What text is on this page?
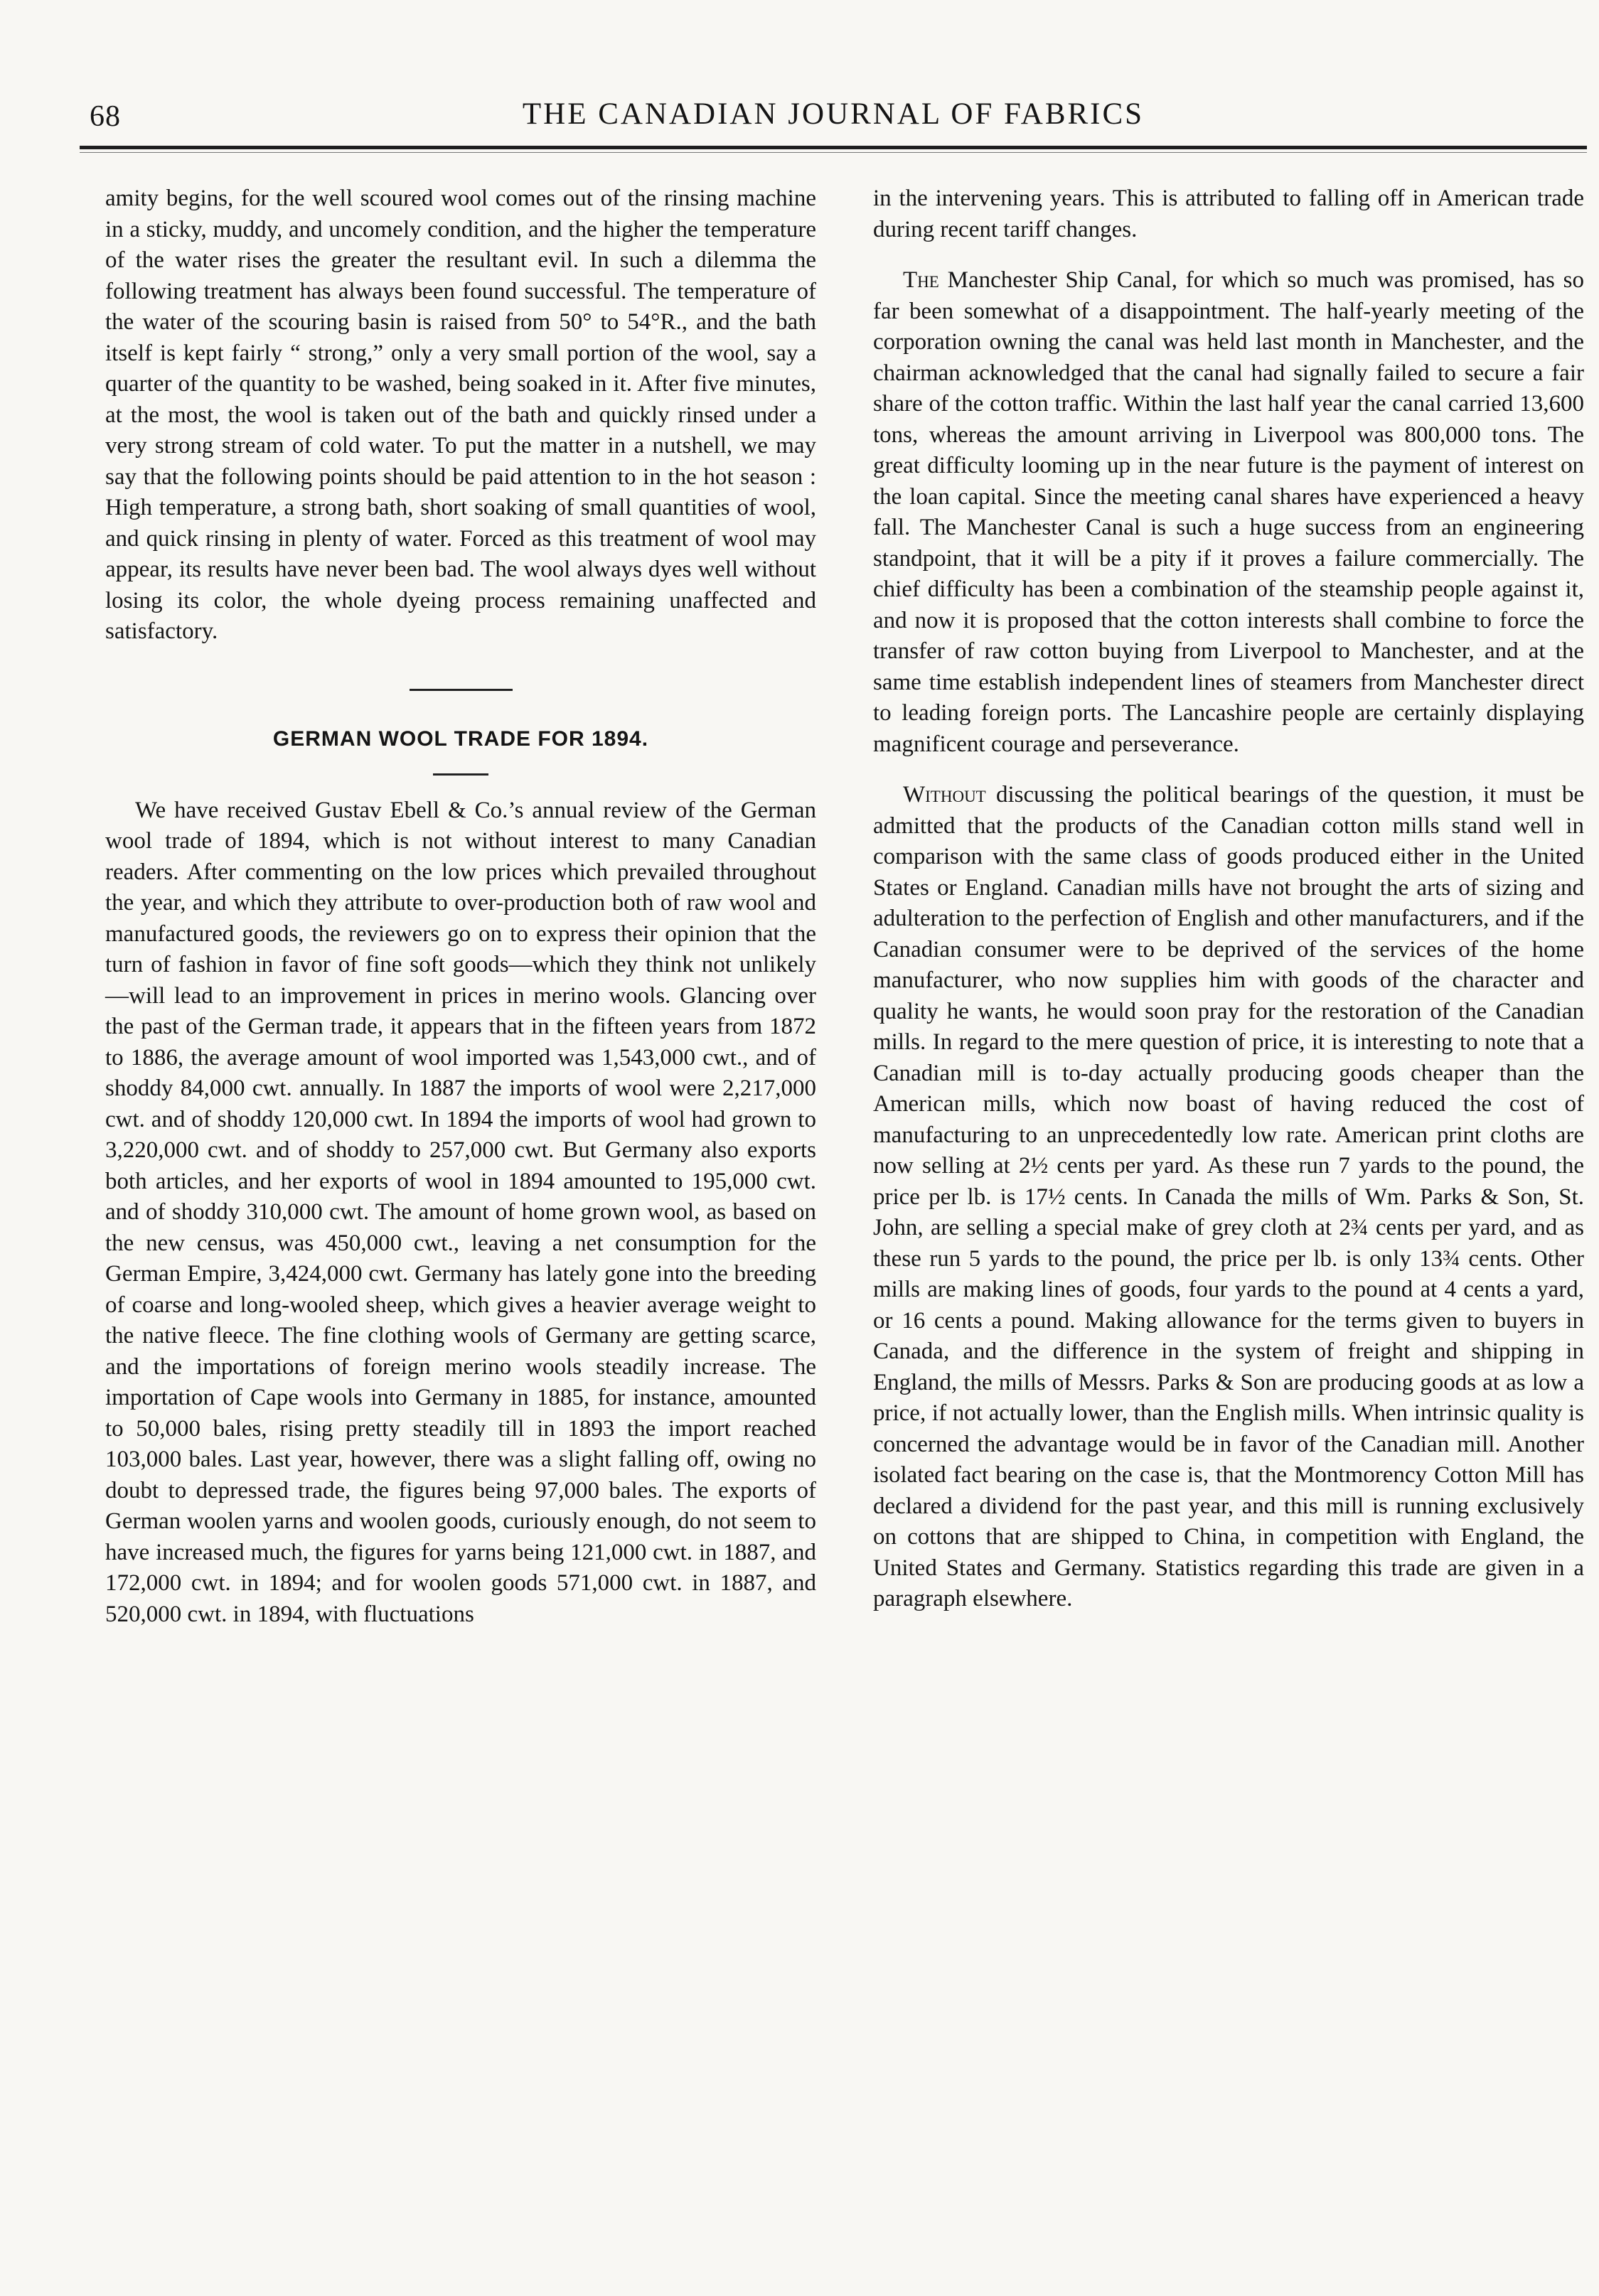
68	THE CANADIAN JOURNAL OF FABRICS

amity begins, for the well scoured wool comes out of the rinsing machine in a sticky, muddy, and uncomely condition, and the higher the temperature of the water rises the greater the resultant evil. In such a dilemma the following treatment has always been found successful. The temperature of the water of the scouring basin is raised from 50° to 54°R., and the bath itself is kept fairly “ strong,” only a very small portion of the wool, say a quarter of the quantity to be washed, being soaked in it. After five minutes, at the most, the wool is taken out of the bath and quickly rinsed under a very strong stream of cold water. To put the matter in a nutshell, we may say that the following points should be paid attention to in the hot season : High temperature, a strong bath, short soaking of small quantities of wool, and quick rinsing in plenty of water. Forced as this treatment of wool may appear, its results have never been bad. The wool always dyes well without losing its color, the whole dyeing process remaining unaffected and satisfactory.

GERMAN WOOL TRADE FOR 1894.

We have received Gustav Ebell & Co.’s annual review of the German wool trade of 1894, which is not without interest to many Canadian readers. After commenting on the low prices which prevailed throughout the year, and which they attribute to over-production both of raw wool and manufactured goods, the reviewers go on to express their opinion that the turn of fashion in favor of fine soft goods—which they think not unlikely—will lead to an improvement in prices in merino wools. Glancing over the past of the German trade, it appears that in the fifteen years from 1872 to 1886, the average amount of wool imported was 1,543,000 cwt., and of shoddy 84,000 cwt. annually. In 1887 the imports of wool were 2,217,000 cwt. and of shoddy 120,000 cwt. In 1894 the imports of wool had grown to 3,220,000 cwt. and of shoddy to 257,000 cwt. But Germany also exports both articles, and her exports of wool in 1894 amounted to 195,000 cwt. and of shoddy 310,000 cwt. The amount of home grown wool, as based on the new census, was 450,000 cwt., leaving a net consumption for the German Empire, 3,424,000 cwt. Germany has lately gone into the breeding of coarse and long-wooled sheep, which gives a heavier average weight to the native fleece. The fine clothing wools of Germany are getting scarce, and the importations of foreign merino wools steadily increase. The importation of Cape wools into Germany in 1885, for instance, amounted to 50,000 bales, rising pretty steadily till in 1893 the import reached 103,000 bales. Last year, however, there was a slight falling off, owing no doubt to depressed trade, the figures being 97,000 bales. The exports of German woolen yarns and woolen goods, curiously enough, do not seem to have increased much, the figures for yarns being 121,000 cwt. in 1887, and 172,000 cwt. in 1894; and for woolen goods 571,000 cwt. in 1887, and 520,000 cwt. in 1894, with fluctuations

in the intervening years. This is attributed to falling off in American trade during recent tariff changes.

The Manchester Ship Canal, for which so much was promised, has so far been somewhat of a disappointment. The half-yearly meeting of the corporation owning the canal was held last month in Manchester, and the chairman acknowledged that the canal had signally failed to secure a fair share of the cotton traffic. Within the last half year the canal carried 13,600 tons, whereas the amount arriving in Liverpool was 800,000 tons. The great difficulty looming up in the near future is the payment of interest on the loan capital. Since the meeting canal shares have experienced a heavy fall. The Manchester Canal is such a huge success from an engineering standpoint, that it will be a pity if it proves a failure commercially. The chief difficulty has been a combination of the steamship people against it, and now it is proposed that the cotton interests shall combine to force the transfer of raw cotton buying from Liverpool to Manchester, and at the same time establish independent lines of steamers from Manchester direct to leading foreign ports. The Lancashire people are certainly displaying magnificent courage and perseverance.

Without discussing the political bearings of the question, it must be admitted that the products of the Canadian cotton mills stand well in comparison with the same class of goods produced either in the United States or England. Canadian mills have not brought the arts of sizing and adulteration to the perfection of English and other manufacturers, and if the Canadian consumer were to be deprived of the services of the home manufacturer, who now supplies him with goods of the character and quality he wants, he would soon pray for the restoration of the Canadian mills. In regard to the mere question of price, it is interesting to note that a Canadian mill is to-day actually producing goods cheaper than the American mills, which now boast of having reduced the cost of manufacturing to an unprecedentedly low rate. American print cloths are now selling at 2½ cents per yard. As these run 7 yards to the pound, the price per lb. is 17½ cents. In Canada the mills of Wm. Parks & Son, St. John, are selling a special make of grey cloth at 2¾ cents per yard, and as these run 5 yards to the pound, the price per lb. is only 13¾ cents. Other mills are making lines of goods, four yards to the pound at 4 cents a yard, or 16 cents a pound. Making allowance for the terms given to buyers in Canada, and the difference in the system of freight and shipping in England, the mills of Messrs. Parks & Son are producing goods at as low a price, if not actually lower, than the English mills. When intrinsic quality is concerned the advantage would be in favor of the Canadian mill. Another isolated fact bearing on the case is, that the Montmorency Cotton Mill has declared a dividend for the past year, and this mill is running exclusively on cottons that are shipped to China, in competition with England, the United States and Germany. Statistics regarding this trade are given in a paragraph elsewhere.
